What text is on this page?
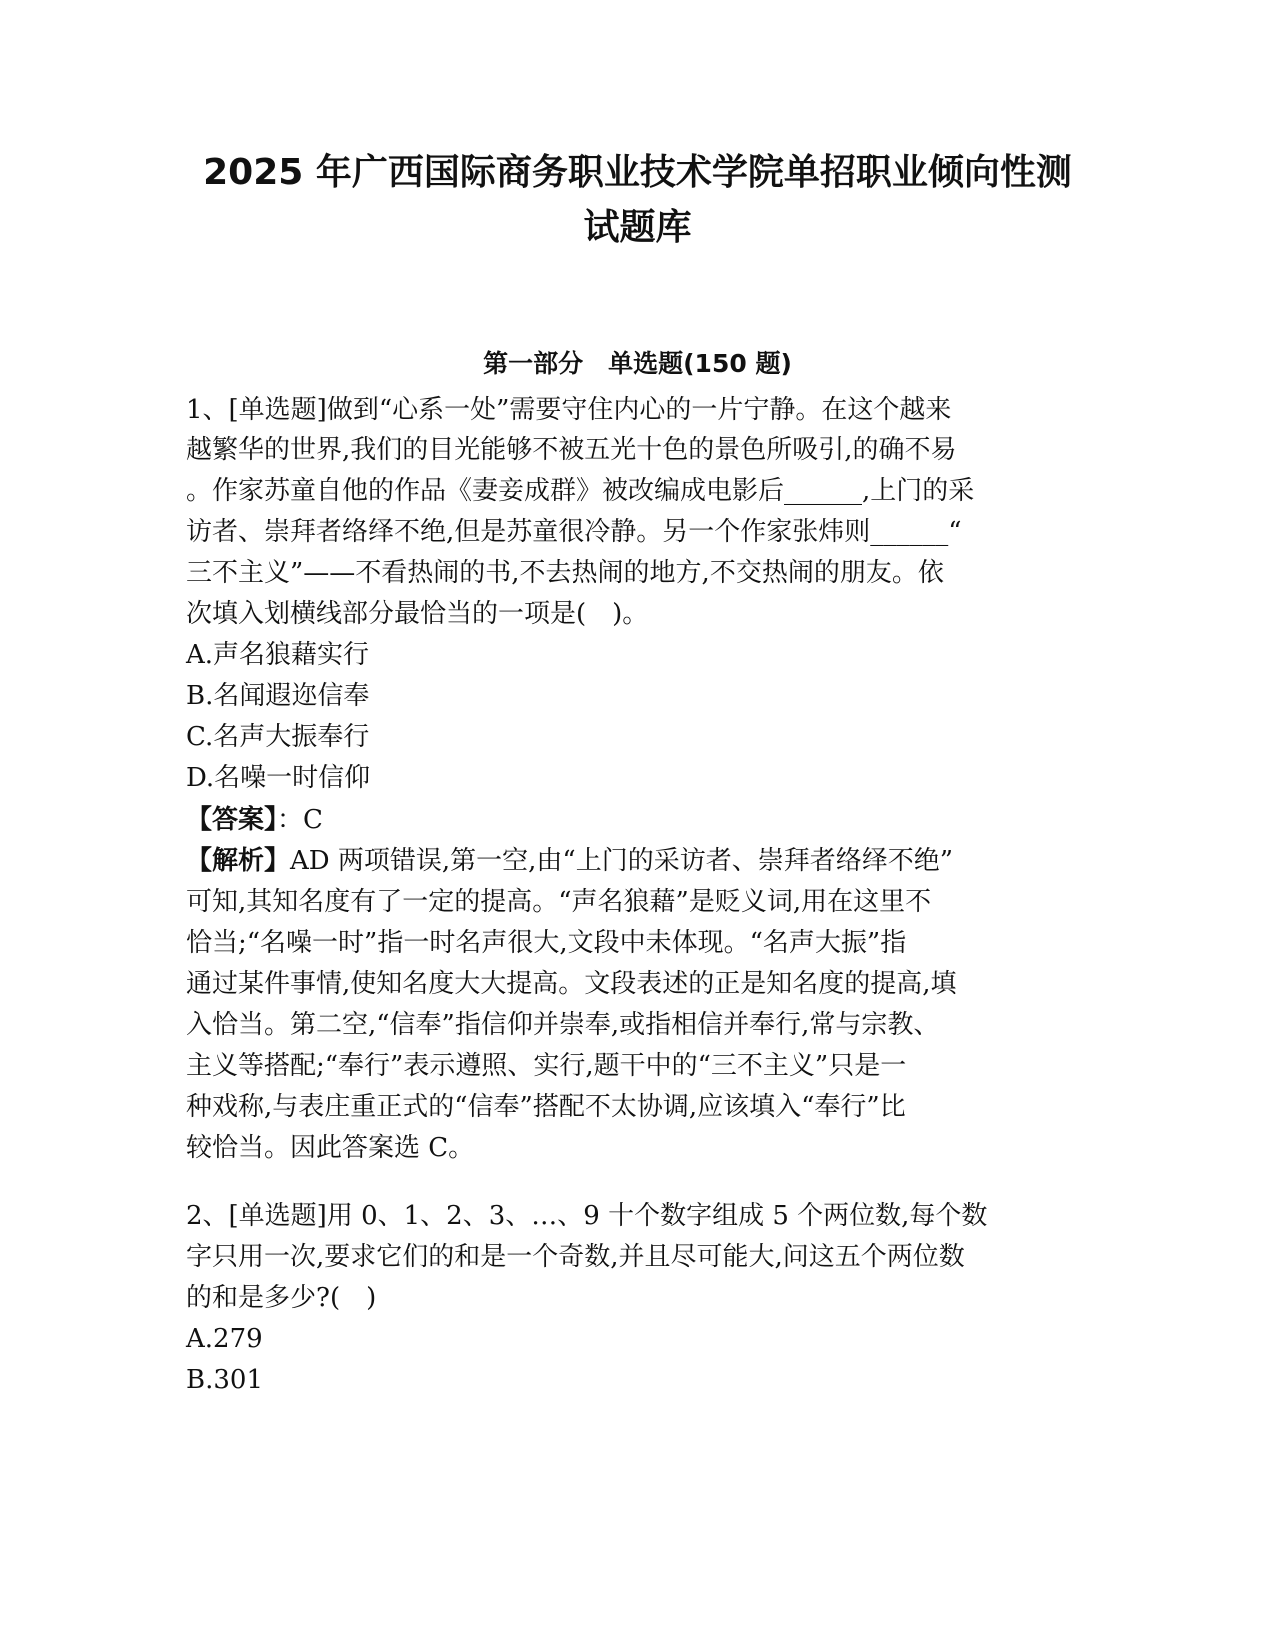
2025 年广西国际商务职业技术学院单招职业倾向性测
试题库
第一部分　单选题(150 题)
1、[单选题]做到“心系一处”需要守住内心的一片宁静。在这个越来
越繁华的世界,我们的目光能够不被五光十色的景色所吸引,的确不易
。作家苏童自他的作品《妻妾成群》被改编成电影后______,上门的采
访者、崇拜者络绎不绝,但是苏童很冷静。另一个作家张炜则______“
三不主义”——不看热闹的书,不去热闹的地方,不交热闹的朋友。依
次填入划横线部分最恰当的一项是(　)。
A.声名狼藉实行
B.名闻遐迩信奉
C.名声大振奉行
D.名噪一时信仰
【答案】：C
【解析】AD 两项错误,第一空,由“上门的采访者、崇拜者络绎不绝”
可知,其知名度有了一定的提高。“声名狼藉”是贬义词,用在这里不
恰当;“名噪一时”指一时名声很大,文段中未体现。“名声大振”指
通过某件事情,使知名度大大提高。文段表述的正是知名度的提高,填
入恰当。第二空,“信奉”指信仰并崇奉,或指相信并奉行,常与宗教、
主义等搭配;“奉行”表示遵照、实行,题干中的“三不主义”只是一
种戏称,与表庄重正式的“信奉”搭配不太协调,应该填入“奉行”比
较恰当。因此答案选 C。
2、[单选题]用 0、1、2、3、…、9 十个数字组成 5 个两位数,每个数
字只用一次,要求它们的和是一个奇数,并且尽可能大,问这五个两位数
的和是多少?(　)
A.279
B.301
